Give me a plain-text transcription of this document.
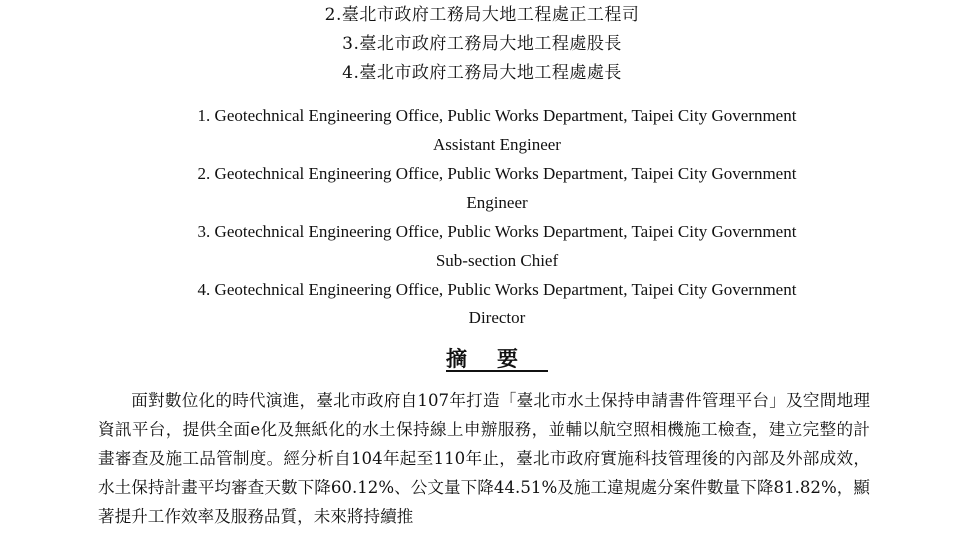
2.臺北市政府工務局大地工程處正工程司
3.臺北市政府工務局大地工程處股長
4.臺北市政府工務局大地工程處處長
1. Geotechnical Engineering Office, Public Works Department, Taipei City Government
Assistant Engineer
2. Geotechnical Engineering Office, Public Works Department, Taipei City Government
Engineer
3. Geotechnical Engineering Office, Public Works Department, Taipei City Government
Sub-section Chief
4. Geotechnical Engineering Office, Public Works Department, Taipei City Government
Director
摘要

面對數位化的時代演進，臺北市政府自107年打造「臺北市水土保持申請書件管理平台」及空間地理資訊平台，提供全面e化及無紙化的水土保持線上申辦服務，並輔以航空照相機施工檢查，建立完整的計畫審查及施工品管制度。經分析自104年起至110年止，臺北市政府實施科技管理後的內部及外部成效，水土保持計畫平均審查天數下降60.12%、公文量下降44.51%及施工違規處分案件數量下降81.82%，顯著提升工作效率及服務品質，未來將持續推
